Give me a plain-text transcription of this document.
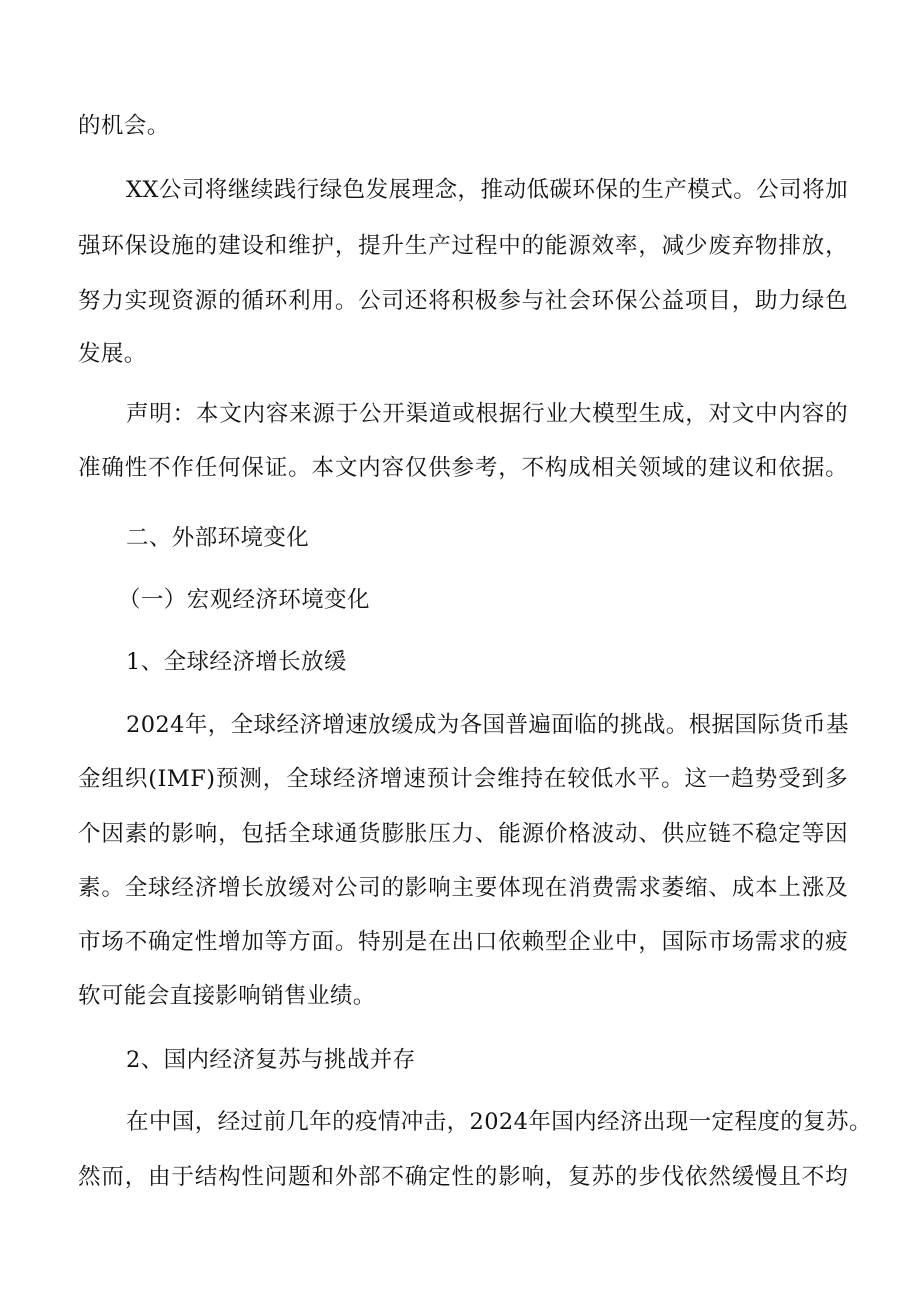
的机会。
XX公司将继续践行绿色发展理念，推动低碳环保的生产模式。公司将加
强环保设施的建设和维护，提升生产过程中的能源效率，减少废弃物排放，
努力实现资源的循环利用。公司还将积极参与社会环保公益项目，助力绿色
发展。
声明：本文内容来源于公开渠道或根据行业大模型生成，对文中内容的
准确性不作任何保证。本文内容仅供参考，不构成相关领域的建议和依据。
二、外部环境变化
（一）宏观经济环境变化
1、全球经济增长放缓
2024年，全球经济增速放缓成为各国普遍面临的挑战。根据国际货币基
金组织(IMF)预测，全球经济增速预计会维持在较低水平。这一趋势受到多
个因素的影响，包括全球通货膨胀压力、能源价格波动、供应链不稳定等因
素。全球经济增长放缓对公司的影响主要体现在消费需求萎缩、成本上涨及
市场不确定性增加等方面。特别是在出口依赖型企业中，国际市场需求的疲
软可能会直接影响销售业绩。
2、国内经济复苏与挑战并存
在中国，经过前几年的疫情冲击，2024年国内经济出现一定程度的复苏。
然而，由于结构性问题和外部不确定性的影响，复苏的步伐依然缓慢且不均
